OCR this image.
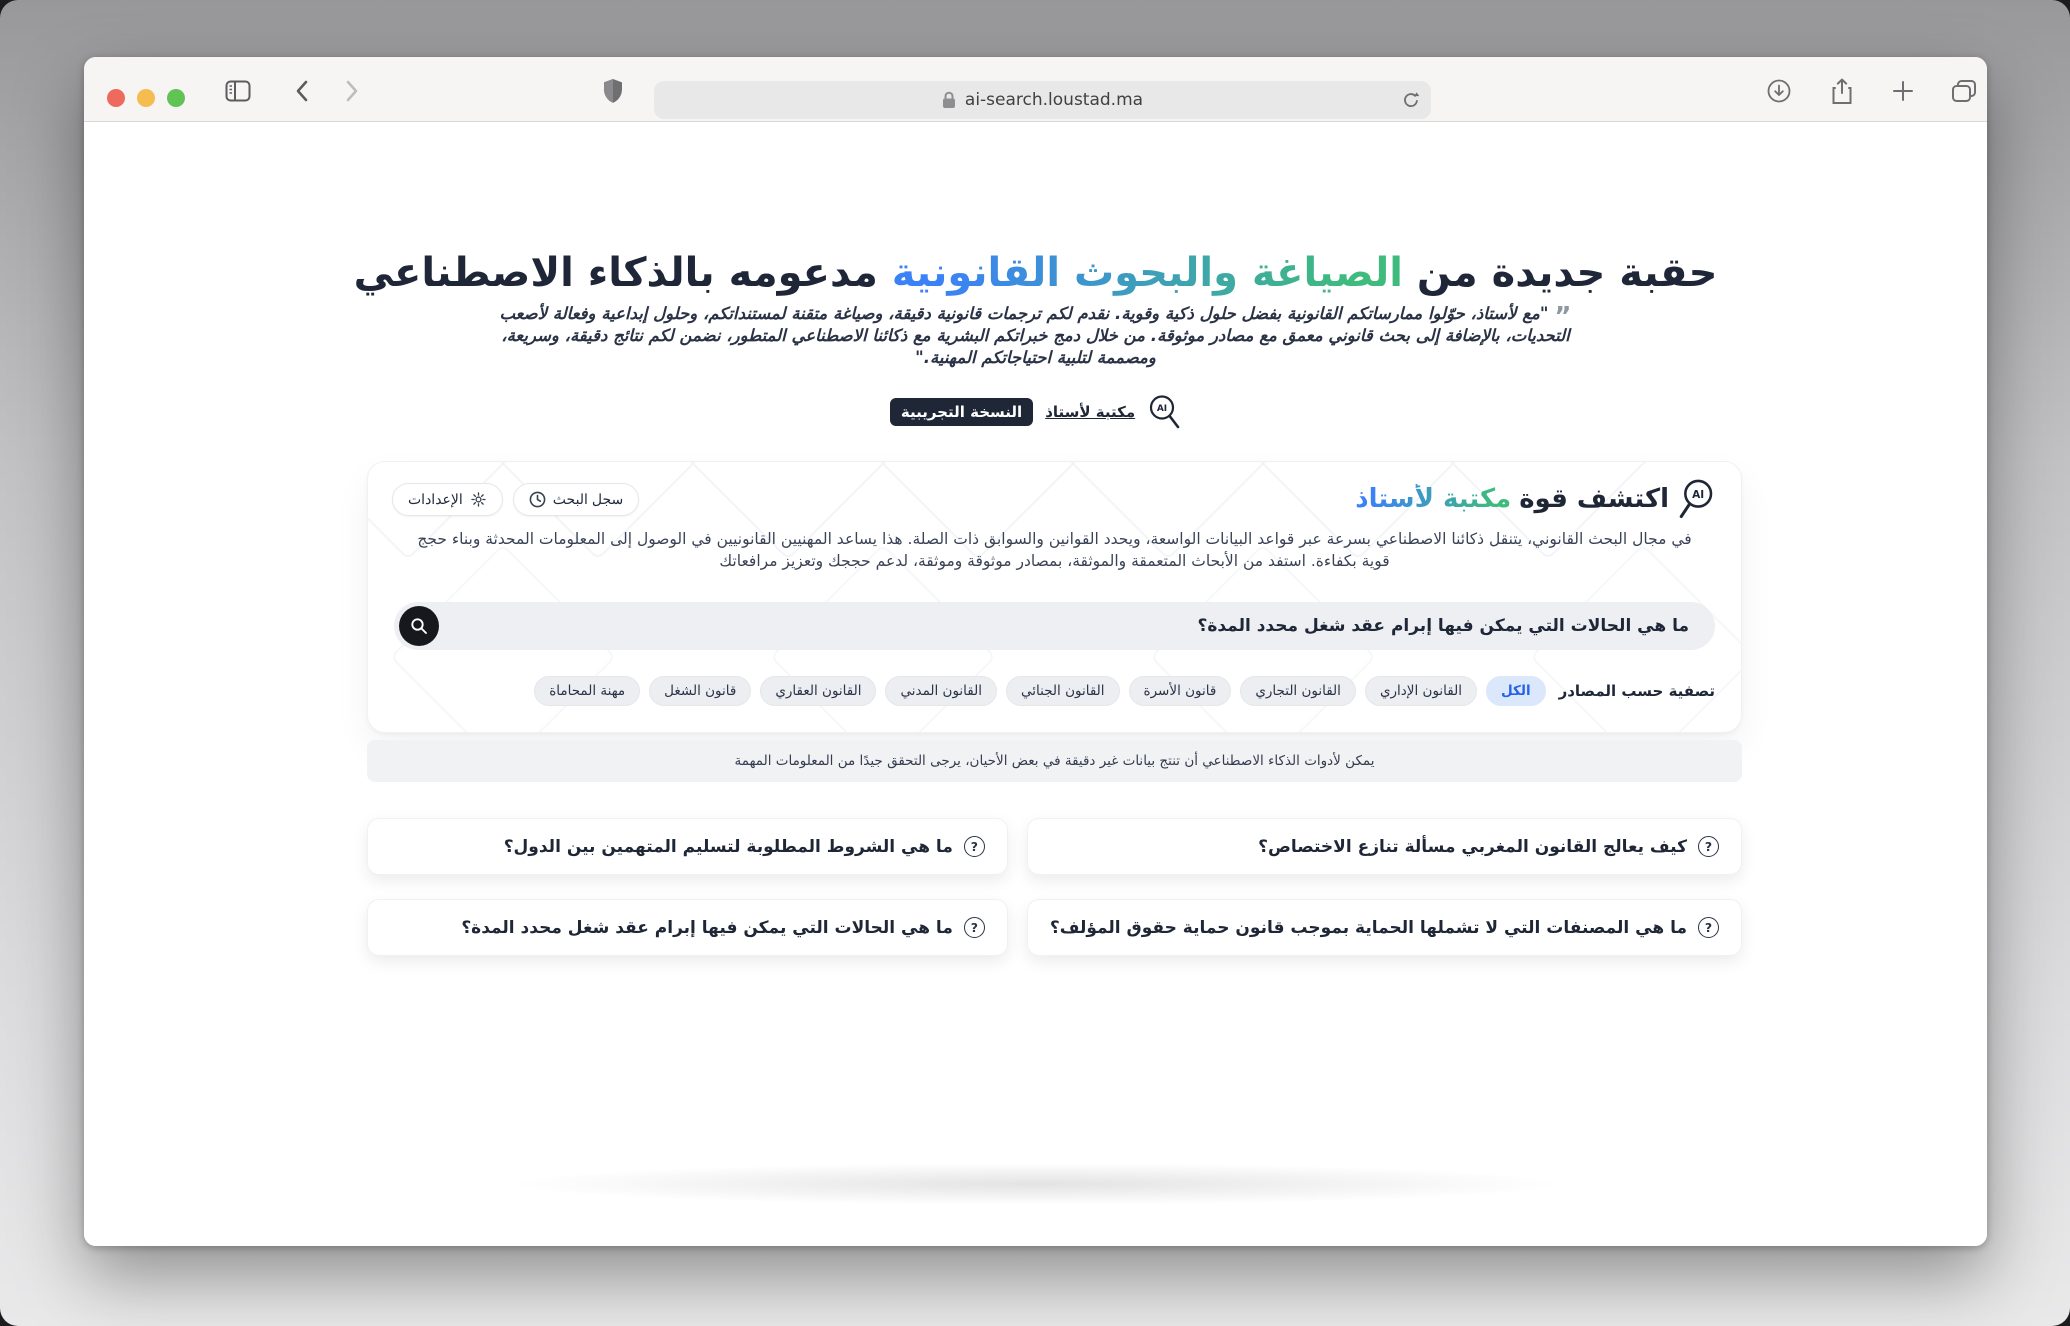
ai-search.loustad.ma
حقبة جديدة من الصياغة والبحوث القانونية مدعومه بالذكاء الاصطناعي

”"مع لأستاذ، حوّلوا ممارساتكم القانونية بفضل حلول ذكية وقوية. نقدم لكم ترجمات قانونية دقيقة، وصياغة متقنة لمستنداتكم، وحلول إبداعية وفعالة لأصعب التحديات، بالإضافة إلى بحث قانوني معمق مع مصادر موثوقة. من خلال دمج خبراتكم البشرية مع ذكائنا الاصطناعي المتطور، نضمن لكم نتائج دقيقة، وسريعة، ومصممة لتلبية احتياجاتكم المهنية."

AI
مكتبة لأستاذ
النسخة التجريبية
AI
اكتشف قوة
مكتبة لأستاذ
سجل البحث
الإعدادات

في مجال البحث القانوني، يتنقل ذكائنا الاصطناعي بسرعة عبر قواعد البيانات الواسعة، ويحدد القوانين والسوابق ذات الصلة. هذا يساعد المهنيين القانونيين في الوصول إلى المعلومات المحدثة وبناء حجج قوية بكفاءة. استفد من الأبحاث المتعمقة والموثقة، بمصادر موثوقة وموثقة، لدعم حججك وتعزيز مرافعاتك

ما هي الحالات التي يمكن فيها إبرام عقد شغل محدد المدة؟
تصفية حسب المصادر
الكل
القانون الإداري
القانون التجاري
قانون الأسرة
القانون الجنائي
القانون المدني
القانون العقاري
قانون الشغل
مهنة المحاماة
يمكن لأدوات الذكاء الاصطناعي أن تنتج بيانات غير دقيقة في بعض الأحيان، يرجى التحقق جيدًا من المعلومات المهمة
?
كيف يعالج القانون المغربي مسألة تنازع الاختصاص؟
?
ما هي الشروط المطلوبة لتسليم المتهمين بين الدول؟
?
ما هي المصنفات التي لا تشملها الحماية بموجب قانون حماية حقوق المؤلف؟
?
ما هي الحالات التي يمكن فيها إبرام عقد شغل محدد المدة؟
